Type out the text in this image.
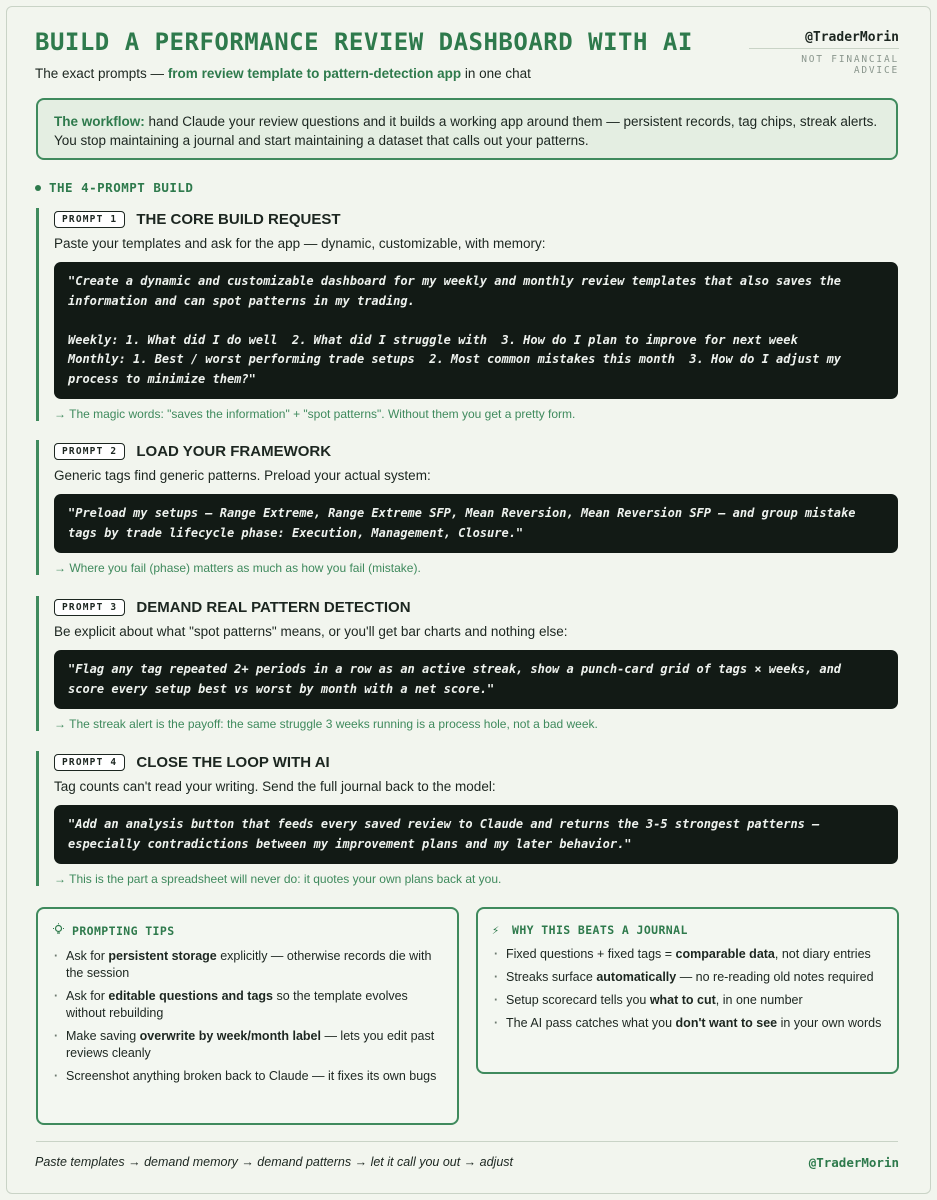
BUILD A PERFORMANCE REVIEW DASHBOARD WITH AI	@TraderMorin
NOT FINANCIAL ADVICE
The exact prompts — from review template to pattern-detection app in one chat
The workflow: hand Claude your review questions and it builds a working app around them — persistent records, tag chips, streak alerts. You stop maintaining a journal and start maintaining a dataset that calls out your patterns.
THE 4-PROMPT BUILD
PROMPT 1	THE CORE BUILD REQUEST
Paste your templates and ask for the app — dynamic, customizable, with memory:
"Create a dynamic and customizable dashboard for my weekly and monthly review templates that also saves the information and can spot patterns in my trading.

Weekly: 1. What did I do well  2. What did I struggle with  3. How do I plan to improve for next week
Monthly: 1. Best / worst performing trade setups  2. Most common mistakes this month  3. How do I adjust my process to minimize them?"
→ The magic words: "saves the information" + "spot patterns". Without them you get a pretty form.
PROMPT 2	LOAD YOUR FRAMEWORK
Generic tags find generic patterns. Preload your actual system:
"Preload my setups — Range Extreme, Range Extreme SFP, Mean Reversion, Mean Reversion SFP — and group mistake tags by trade lifecycle phase: Execution, Management, Closure."
→ Where you fail (phase) matters as much as how you fail (mistake).
PROMPT 3	DEMAND REAL PATTERN DETECTION
Be explicit about what "spot patterns" means, or you'll get bar charts and nothing else:
"Flag any tag repeated 2+ periods in a row as an active streak, show a punch-card grid of tags × weeks, and score every setup best vs worst by month with a net score."
→ The streak alert is the payoff: the same struggle 3 weeks running is a process hole, not a bad week.
PROMPT 4	CLOSE THE LOOP WITH AI
Tag counts can't read your writing. Send the full journal back to the model:
"Add an analysis button that feeds every saved review to Claude and returns the 3-5 strongest patterns — especially contradictions between my improvement plans and my later behavior."
→ This is the part a spreadsheet will never do: it quotes your own plans back at you.
PROMPTING TIPS
· Ask for persistent storage explicitly — otherwise records die with the session
· Ask for editable questions and tags so the template evolves without rebuilding
· Make saving overwrite by week/month label — lets you edit past reviews cleanly
· Screenshot anything broken back to Claude — it fixes its own bugs
⚡	WHY THIS BEATS A JOURNAL
· Fixed questions + fixed tags = comparable data, not diary entries
· Streaks surface automatically — no re-reading old notes required
· Setup scorecard tells you what to cut, in one number
· The AI pass catches what you don't want to see in your own words
Paste templates → demand memory → demand patterns → let it call you out → adjust	@TraderMorin
